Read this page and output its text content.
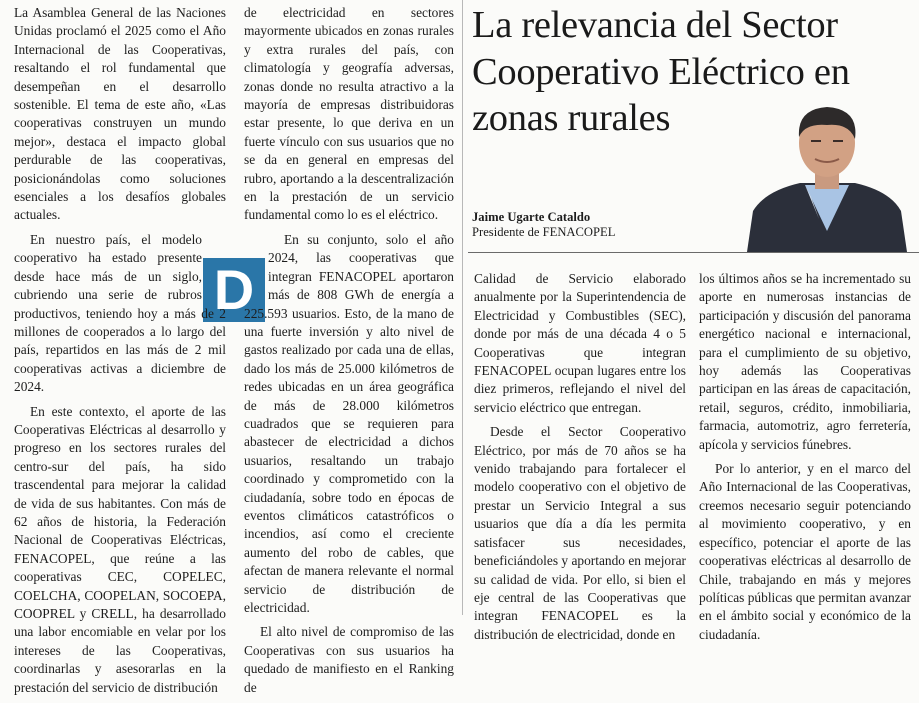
La relevancia del Sector Cooperativo Eléctrico en zonas rurales
Jaime Ugarte Cataldo
Presidente de FENACOPEL
D

La Asamblea General de las Naciones Unidas proclamó el 2025 como el Año Internacional de las Cooperativas, resaltando el rol fundamental que desempeñan en el desarrollo sostenible. El tema de este año, «Las cooperativas construyen un mundo mejor», destaca el impacto global perdurable de las cooperativas, posicionándolas como soluciones esenciales a los desafíos globales actuales.

En nuestro país, el modelo cooperativo ha estado presente desde hace más de un siglo, cubriendo una serie de rubros productivos, teniendo hoy a más de 2 millones de cooperados a lo largo del país, repartidos en las más de 2 mil cooperativas activas a diciembre de 2024.

En este contexto, el aporte de las Cooperativas Eléctricas al desarrollo y progreso en los sectores rurales del centro-sur del país, ha sido trascendental para mejorar la calidad de vida de sus habitantes. Con más de 62 años de historia, la Federación Nacional de Cooperativas Eléctricas, FENACOPEL, que reúne a las cooperativas CEC, COPELEC, COELCHA, COOPELAN, SOCOEPA, COOPREL y CRELL, ha desarrollado una labor encomiable en velar por los intereses de las Cooperativas, coordinarlas y asesorarlas en la prestación del servicio de distribución

de electricidad en sectores mayormente ubicados en zonas rurales y extra rurales del país, con climatología y geografía adversas, zonas donde no resulta atractivo a la mayoría de empresas distribuidoras estar presente, lo que deriva en un fuerte vínculo con sus usuarios que no se da en general en empresas del rubro, aportando a la descentralización en la prestación de un servicio fundamental como lo es el eléctrico.

En su conjunto, solo el año 2024, las cooperativas que integran FENACOPEL aportaron más de 808 GWh de energía a 225.593 usuarios. Esto, de la mano de una fuerte inversión y alto nivel de gastos realizado por cada una de ellas, dado los más de 25.000 kilómetros de redes ubicadas en un área geográfica de más de 28.000 kilómetros cuadrados que se requieren para abastecer de electricidad a dichos usuarios, resaltando un trabajo coordinado y comprometido con la ciudadanía, sobre todo en épocas de eventos climáticos catastróficos o incendios, así como el creciente aumento del robo de cables, que afectan de manera relevante el normal servicio de distribución de electricidad.

El alto nivel de compromiso de las Cooperativas con sus usuarios ha quedado de manifiesto en el Ranking de

Calidad de Servicio elaborado anualmente por la Superintendencia de Electricidad y Combustibles (SEC), donde por más de una década 4 o 5 Cooperativas que integran FENACOPEL ocupan lugares entre los diez primeros, reflejando el nivel del servicio eléctrico que entregan.

Desde el Sector Cooperativo Eléctrico, por más de 70 años se ha venido trabajando para fortalecer el modelo cooperativo con el objetivo de prestar un Servicio Integral a sus usuarios que día a día les permita satisfacer sus necesidades, beneficiándoles y aportando en mejorar su calidad de vida. Por ello, si bien el eje central de las Cooperativas que integran FENACOPEL es la distribución de electricidad, donde en

los últimos años se ha incrementado su aporte en numerosas instancias de participación y discusión del panorama energético nacional e internacional, para el cumplimiento de su objetivo, hoy además las Cooperativas participan en las áreas de capacitación, retail, seguros, crédito, inmobiliaria, farmacia, automotriz, agro ferretería, apícola y servicios fúnebres.

Por lo anterior, y en el marco del Año Internacional de las Cooperativas, creemos necesario seguir potenciando al movimiento cooperativo, y en específico, potenciar el aporte de las cooperativas eléctricas al desarrollo de Chile, trabajando en más y mejores políticas públicas que permitan avanzar en el ámbito social y económico de la ciudadanía.
